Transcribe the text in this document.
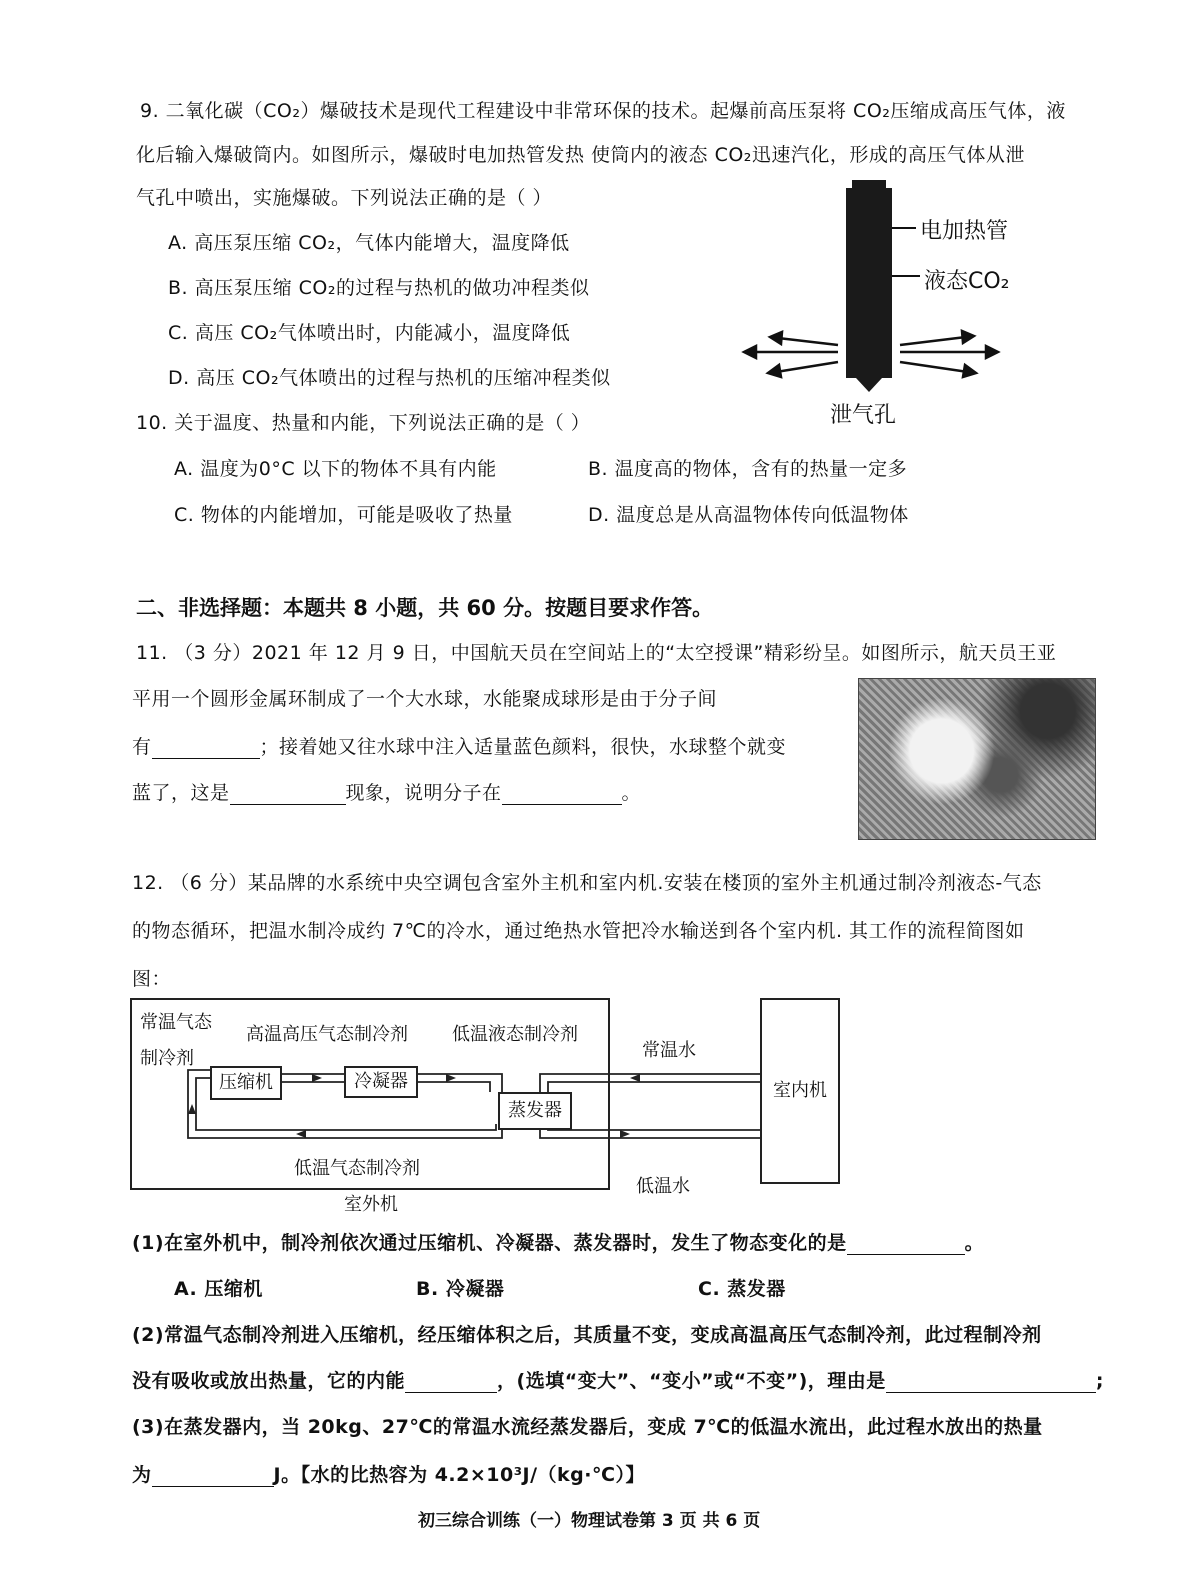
9. 二氧化碳（CO₂）爆破技术是现代工程建设中非常环保的技术。起爆前高压泵将 CO₂压缩成高压气体，液
化后输入爆破筒内。如图所示，爆破时电加热管发热 使筒内的液态 CO₂迅速汽化，形成的高压气体从泄
气孔中喷出，实施爆破。下列说法正确的是（ ）
A. 高压泵压缩 CO₂，气体内能增大，温度降低
B. 高压泵压缩 CO₂的过程与热机的做功冲程类似
C. 高压 CO₂气体喷出时，内能减小，温度降低
D. 高压 CO₂气体喷出的过程与热机的压缩冲程类似
电加热管
液态CO₂
泄气孔
10. 关于温度、热量和内能，下列说法正确的是（ ）
A. 温度为0°C 以下的物体不具有内能	B. 温度高的物体，含有的热量一定多
C. 物体的内能增加，可能是吸收了热量	D. 温度总是从高温物体传向低温物体
二、非选择题：本题共 8 小题，共 60 分。按题目要求作答。
11. （3 分）2021 年 12 月 9 日，中国航天员在空间站上的“太空授课”精彩纷呈。如图所示，航天员王亚
平用一个圆形金属环制成了一个大水球，水能聚成球形是由于分子间
有	；接着她又往水球中注入适量蓝色颜料，很快，水球整个就变
蓝了，这是	现象，说明分子在	。
12. （6 分）某品牌的水系统中央空调包含室外主机和室内机.安装在楼顶的室外主机通过制冷剂液态-气态
的物态循环，把温水制冷成约 7℃的冷水，通过绝热水管把冷水输送到各个室内机. 其工作的流程简图如
图：
压缩机	冷凝器
蒸发器
室内机
常温气态
制冷剂
高温高压气态制冷剂 低温液态制冷剂
低温气态制冷剂
室外机
常温水
低温水
(1)在室外机中，制冷剂依次通过压缩机、冷凝器、蒸发器时，发生了物态变化的是	。
A. 压缩机	B. 冷凝器	C. 蒸发器
(2)常温气态制冷剂进入压缩机，经压缩体积之后，其质量不变，变成高温高压气态制冷剂，此过程制冷剂
没有吸收或放出热量，它的内能	，(选填“变大”、“变小”或“不变”)，理由是	;
(3)在蒸发器内，当 20kg、27℃的常温水流经蒸发器后，变成 7℃的低温水流出，此过程水放出的热量
为	J。【水的比热容为 4.2×10³J/（kg·℃）】
初三综合训练（一）物理试卷第 3 页 共 6 页
